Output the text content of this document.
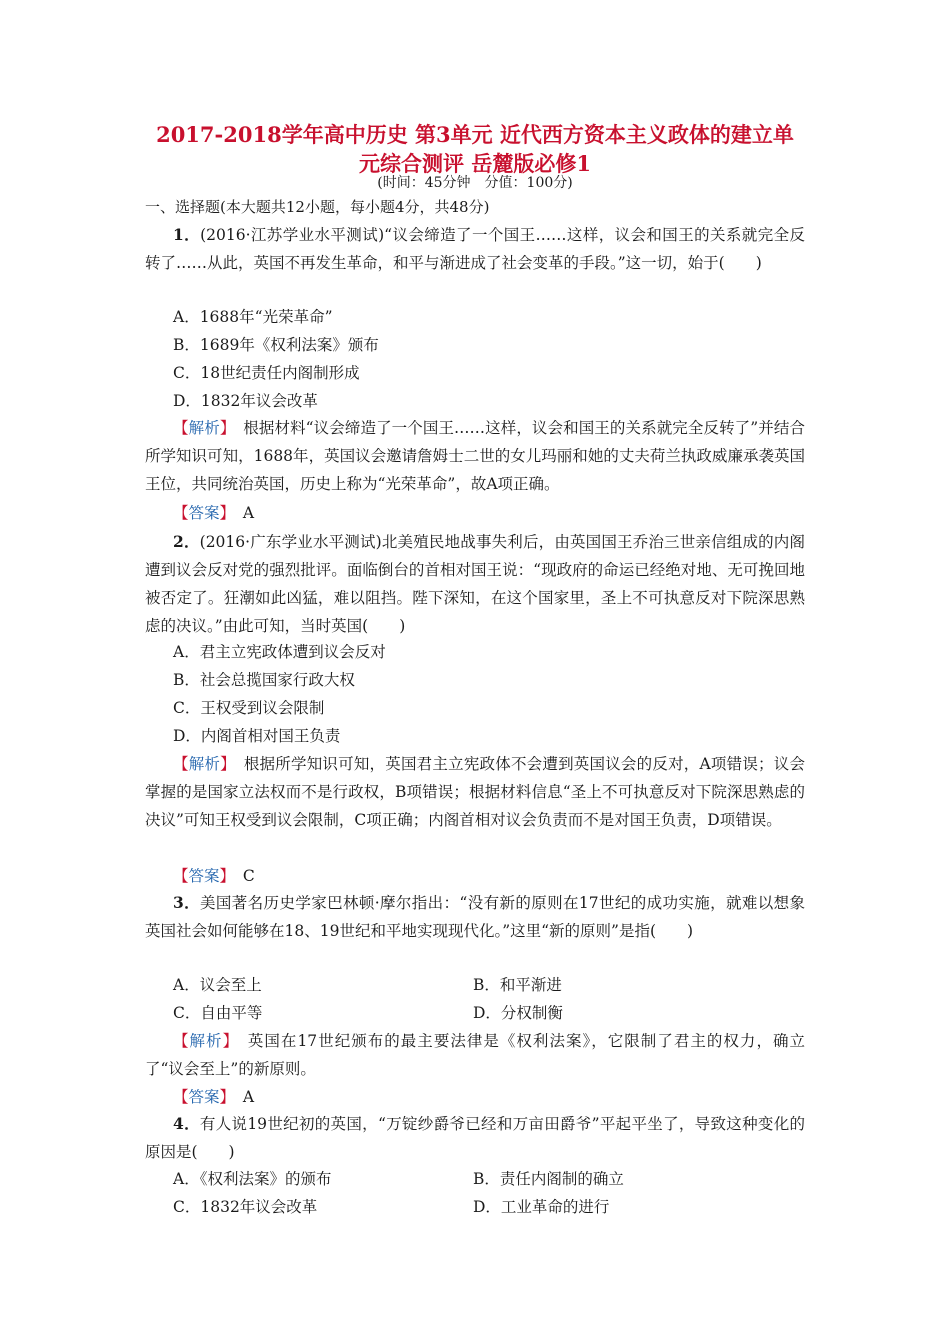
2017-2018学年高中历史 第3单元 近代西方资本主义政体的建立单
元综合测评 岳麓版必修1
(时间：45分钟　分值：100分)
一、选择题(本大题共12小题，每小题4分，共48分)

1．(2016·江苏学业水平测试)“议会缔造了一个国王……这样，议会和国王的关系就完全反转了……从此，英国不再发生革命，和平与渐进成了社会变革的手段。”这一切，始于(　　)

A．1688年“光荣革命”
B．1689年《权利法案》颁布
C．18世纪责任内阁制形成
D．1832年议会改革

【解析】　 根据材料“议会缔造了一个国王……这样，议会和国王的关系就完全反转了”并结合所学知识可知，1688年，英国议会邀请詹姆士二世的女儿玛丽和她的丈夫荷兰执政威廉承袭英国王位，共同统治英国，历史上称为“光荣革命”，故A项正确。

【答案】　 A

2．(2016·广东学业水平测试)北美殖民地战事失利后，由英国国王乔治三世亲信组成的内阁遭到议会反对党的强烈批评。面临倒台的首相对国王说：“现政府的命运已经绝对地、无可挽回地被否定了。狂潮如此凶猛，难以阻挡。陛下深知，在这个国家里，圣上不可执意反对下院深思熟虑的决议。”由此可知，当时英国(　　)

A．君主立宪政体遭到议会反对
B．社会总揽国家行政大权
C．王权受到议会限制
D．内阁首相对国王负责

【解析】　 根据所学知识可知，英国君主立宪政体不会遭到英国议会的反对，A项错误；议会掌握的是国家立法权而不是行政权，B项错误；根据材料信息“圣上不可执意反对下院深思熟虑的决议”可知王权受到议会限制，C项正确；内阁首相对议会负责而不是对国王负责，D项错误。

【答案】　 C

3．美国著名历史学家巴林顿·摩尔指出：“没有新的原则在17世纪的成功实施，就难以想象英国社会如何能够在18、19世纪和平地实现现代化。”这里“新的原则”是指(　　)

A．议会至上	B．和平渐进
C．自由平等	D．分权制衡

【解析】　 英国在17世纪颁布的最主要法律是《权利法案》，它限制了君主的权力，确立了“议会至上”的新原则。

【答案】　 A

4．有人说19世纪初的英国，“万锭纱爵爷已经和万亩田爵爷”平起平坐了，导致这种变化的原因是(　　)

A．《权利法案》的颁布	B．责任内阁制的确立
C．1832年议会改革	D．工业革命的进行
